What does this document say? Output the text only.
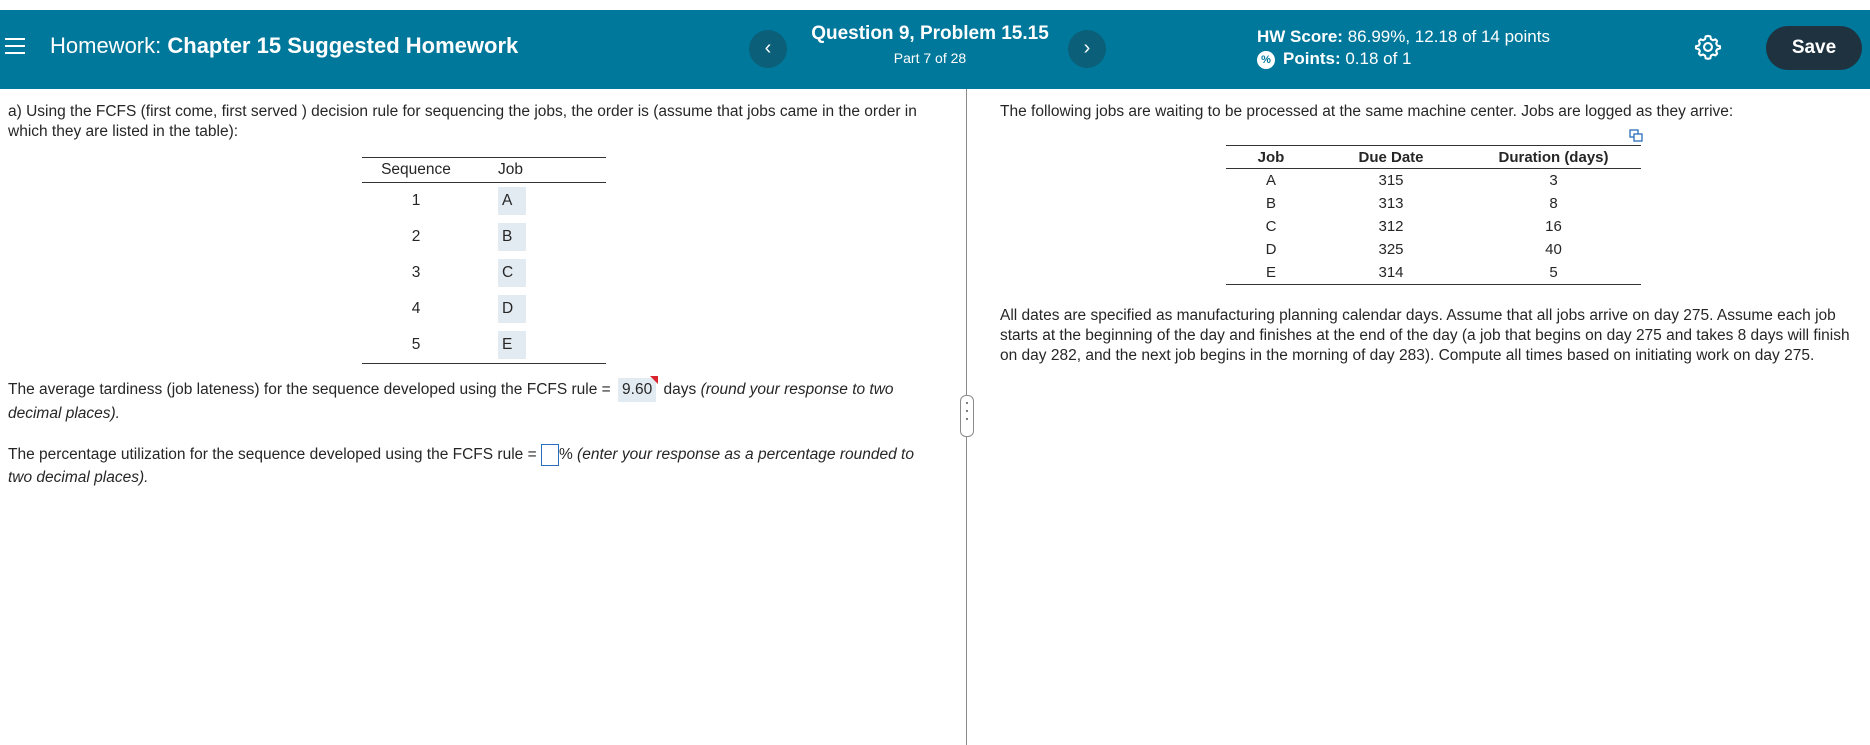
Homework: Chapter 15 Suggested Homework	‹
Question 9, Problem 15.15
Part 7 of 28	›
HW Score: 86.99%, 12.18 of 14 points
% Points: 0.18 of 1
Save
a) Using the FCFS (first come, first served ) decision rule for sequencing the jobs, the order is (assume that jobs came in the order in which they are listed in the table):
Sequence	Job
1	A
2	B
3	C
4	D
5	E
The average tardiness (job lateness) for the sequence developed using the FCFS rule = 9.60 days (round your response to two decimal places).
The percentage utilization for the sequence developed using the FCFS rule = % (enter your response as a percentage rounded to two decimal places).
The following jobs are waiting to be processed at the same machine center. Jobs are logged as they arrive:
Job	Due Date	Duration (days)
A	315	3
B	313	8
C	312	16
D	325	40
E	314	5
All dates are specified as manufacturing planning calendar days. Assume that all jobs arrive on day 275. Assume each job starts at the beginning of the day and finishes at the end of the day (a job that begins on day 275 and takes 8 days will finish on day 282, and the next job begins in the morning of day 283). Compute all times based on initiating work on day 275.
